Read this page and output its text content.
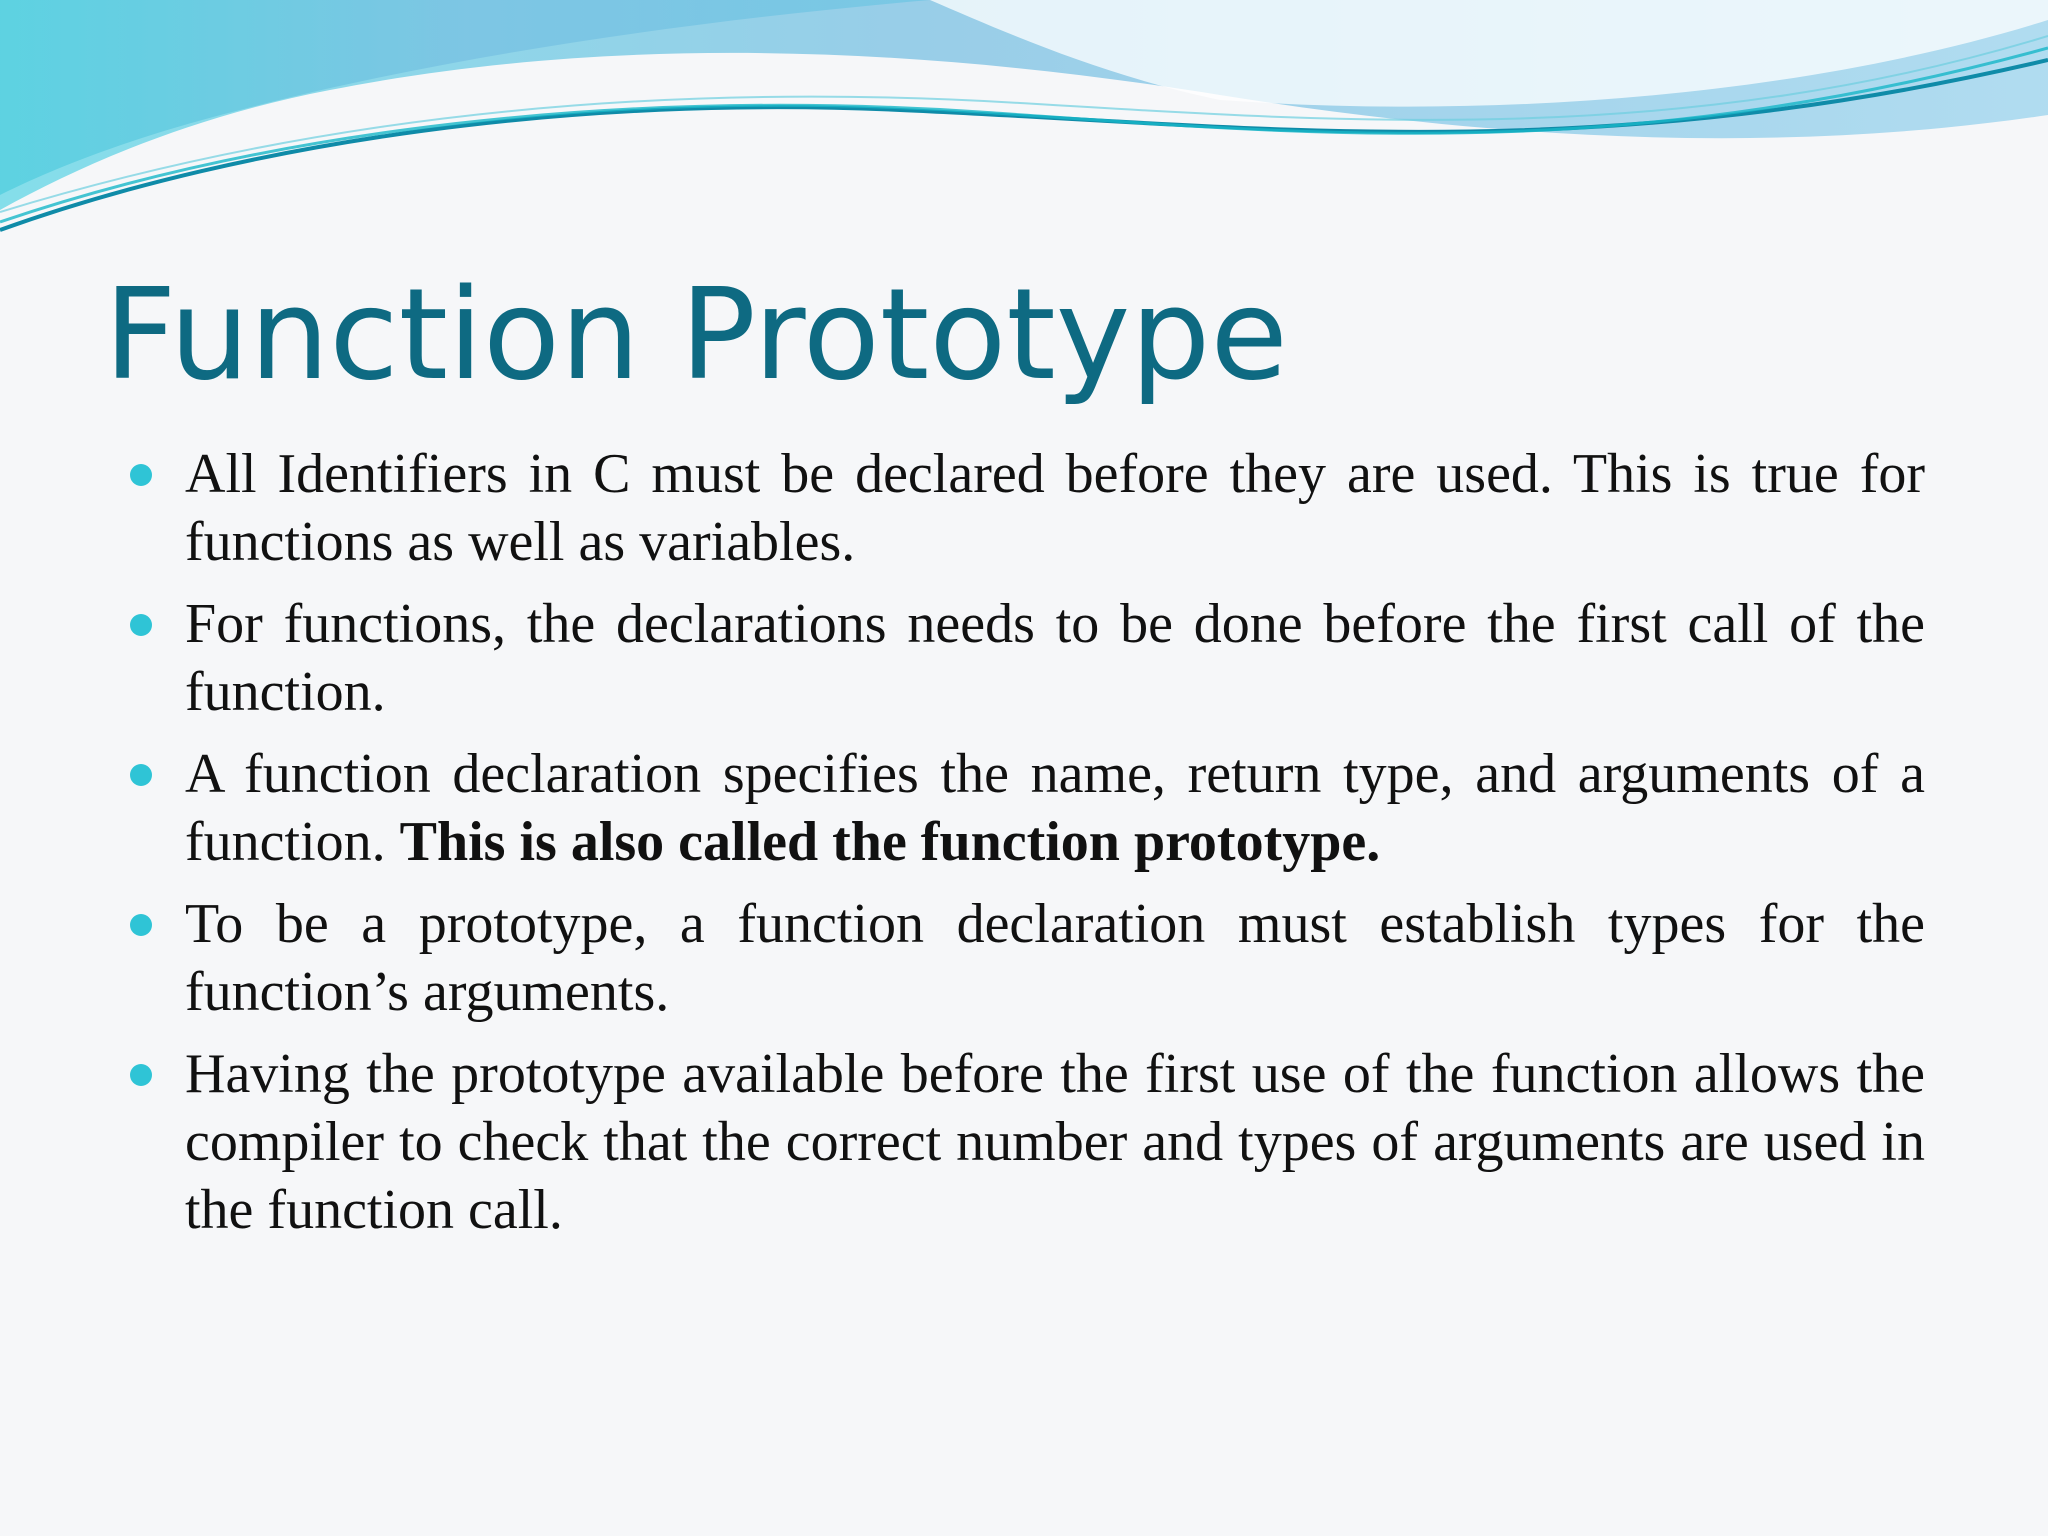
Function Prototype
All Identifiers in C must be declared before they are used. This is true for functions as well as variables.
For functions, the declarations needs to be done before the first call of the function.
A function declaration specifies the name, return type, and arguments of a function. This is also called the function prototype.
To be a prototype, a function declaration must establish types for the function’s arguments.
Having the prototype available before the first use of the function allows the compiler to check that the correct number and types of arguments are used in the function call.
